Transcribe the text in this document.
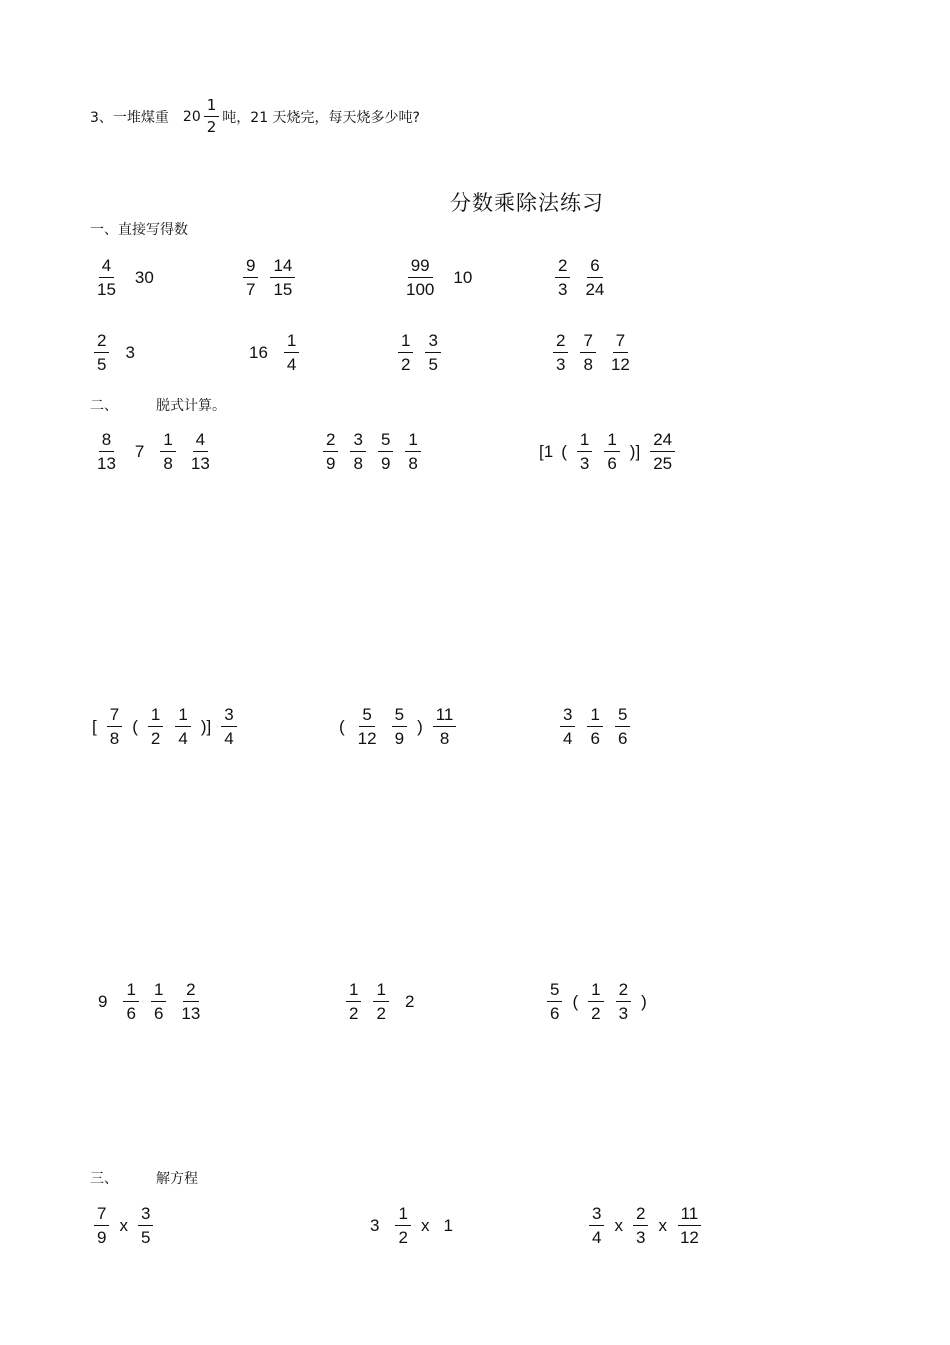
3、一堆煤重 $20 \frac{1}{2}$ 吨，21 天烧完，每天烧多少吨?
分数乘除法练习
一、直接写得数
二、	脱式计算。
三、	解方程
$\frac{4}{15} 30$	$\frac{9}{7} \frac{14}{15}$	$\frac{99}{100} 10$	$\frac{2}{3} \frac{6}{24}$
$\frac{2}{5} 3$	$16 \frac{1}{4}$	$\frac{1}{2} \frac{3}{5}$	$\frac{2}{3} \frac{7}{8} \frac{7}{12}$
$\frac{8}{13} 7 \frac{1}{8} \frac{4}{13}$	$\frac{2}{9} \frac{3}{8} \frac{5}{9} \frac{1}{8}$	[1 ( $\frac{1}{3} \frac{1}{6}$ )] $\frac{24}{25}$
[ $\frac{7}{8}$ ( $\frac{1}{2} \frac{1}{4}$ )] $\frac{3}{4}$	( $\frac{5}{12} \frac{5}{9}$ ) $\frac{11}{8}$	$\frac{3}{4} \frac{1}{6} \frac{5}{6}$
$9 \frac{1}{6} \frac{1}{6} \frac{2}{13}$	$\frac{1}{2} \frac{1}{2} 2$	$\frac{5}{6}$ ( $\frac{1}{2} \frac{2}{3}$ )
$\frac{7}{9}$ x $\frac{3}{5}$	$3 \frac{1}{2}$ x 1	$\frac{3}{4}$ x $\frac{2}{3}$ x $\frac{11}{12}$
